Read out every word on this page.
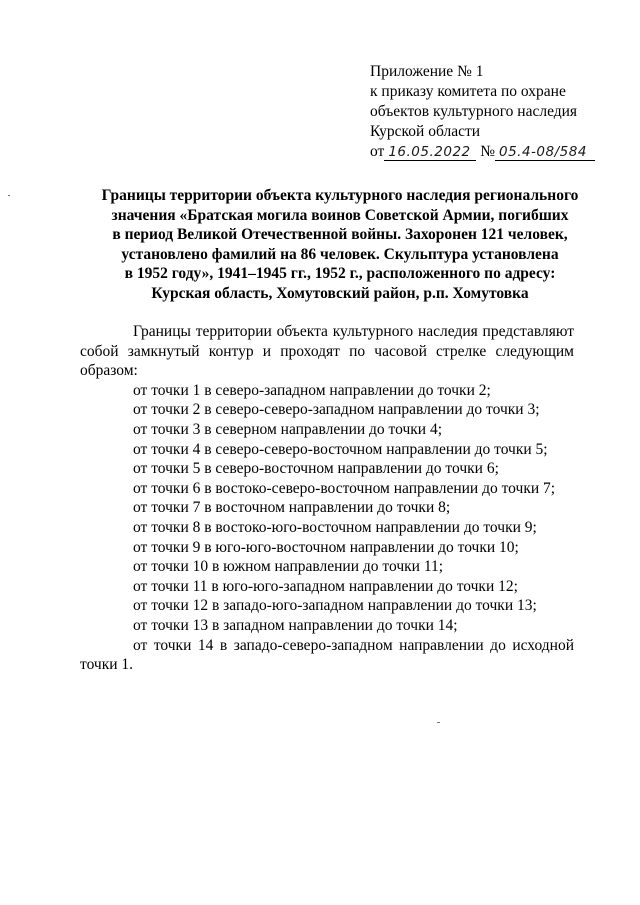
Приложение № 1
к приказу комитета по охране
объектов культурного наследия
Курской области
от 16.05.2022 № 05.4-08/584
Границы территории объекта культурного наследия регионального
значения «Братская могила воинов Советской Армии, погибших
в период Великой Отечественной войны. Захоронен 121 человек,
установлено фамилий на 86 человек. Скульптура установлена
в 1952 году», 1941–1945 гг., 1952 г., расположенного по адресу:
Курская область, Хомутовский район, р.п. Хомутовка

Границы территории объекта культурного наследия представляют собой замкнутый контур и проходят по часовой стрелке следующим образом:

от точки 1 в северо-западном направлении до точки 2;
от точки 2 в северо-северо-западном направлении до точки 3;
от точки 3 в северном направлении до точки 4;
от точки 4 в северо-северо-восточном направлении до точки 5;
от точки 5 в северо-восточном направлении до точки 6;
от точки 6 в востоко-северо-восточном направлении до точки 7;
от точки 7 в восточном направлении до точки 8;
от точки 8 в востоко-юго-восточном направлении до точки 9;
от точки 9 в юго-юго-восточном направлении до точки 10;
от точки 10 в южном направлении до точки 11;
от точки 11 в юго-юго-западном направлении до точки 12;
от точки 12 в западо-юго-западном направлении до точки 13;
от точки 13 в западном направлении до точки 14;
от точки 14 в западо-северо-западном направлении до исходной точки 1.
